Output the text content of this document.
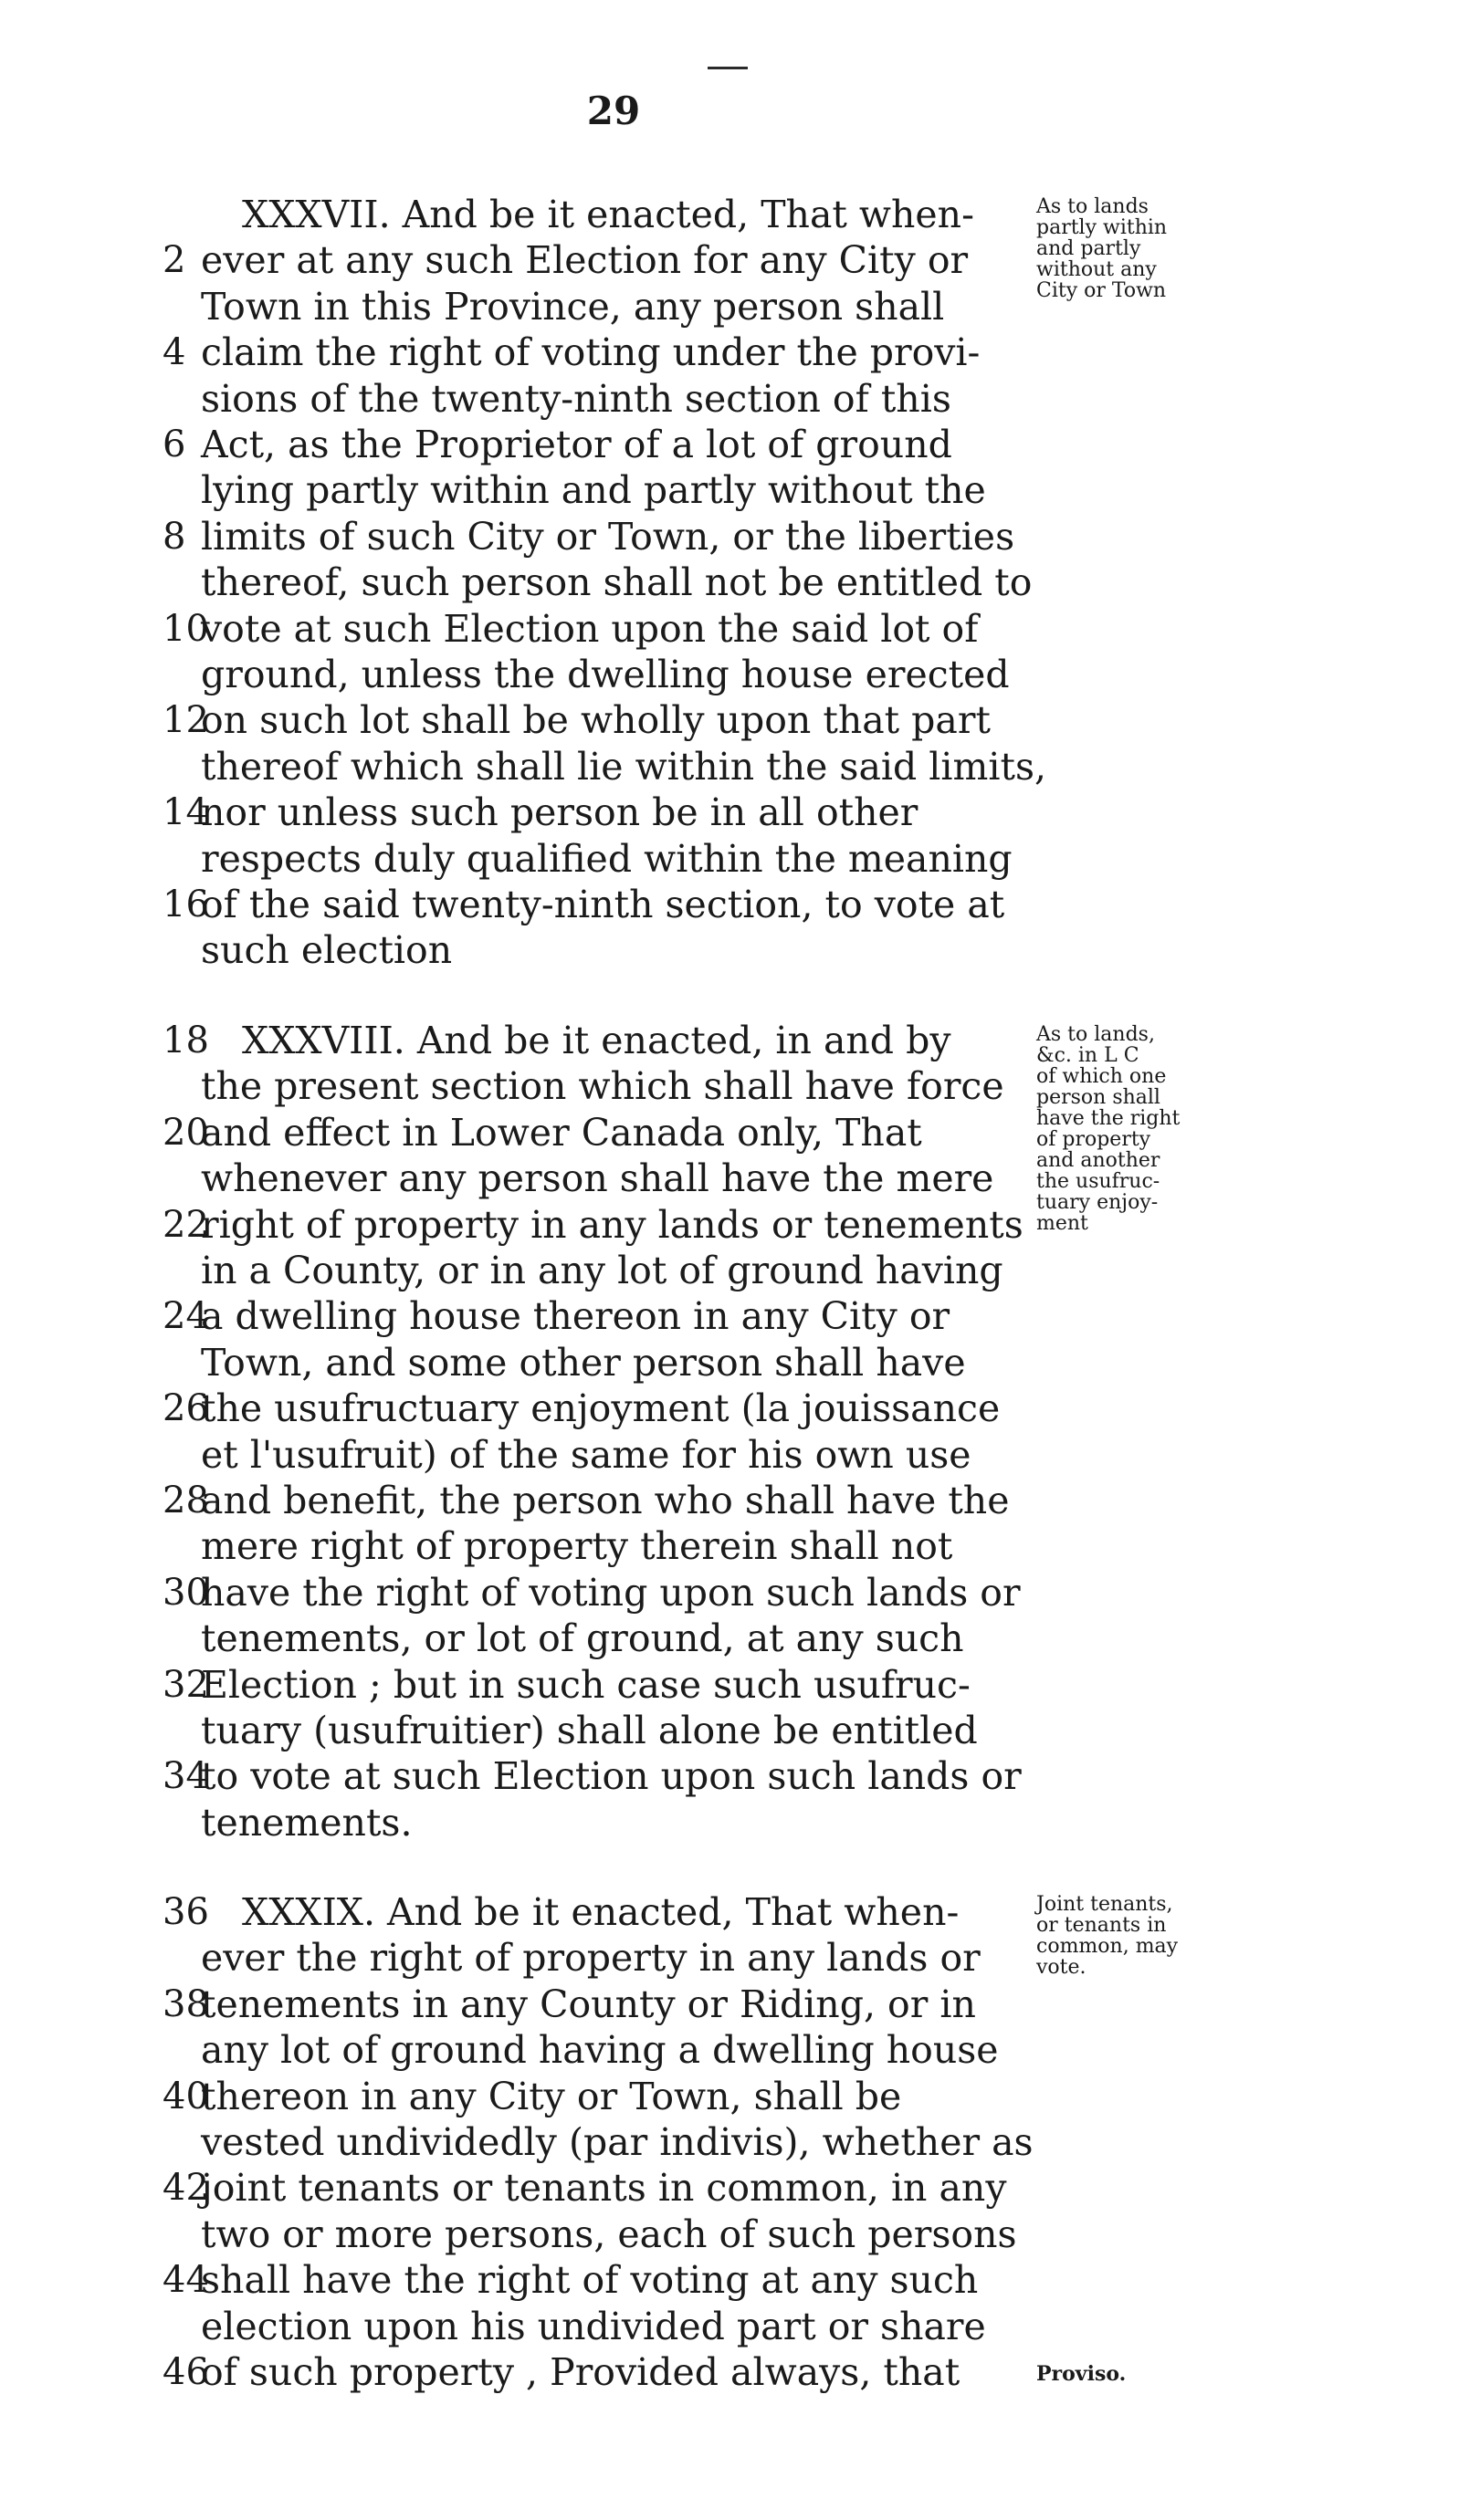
29
XXXVII. And be it enacted, That when-
2 ever at any such Election for any City or
Town in this Province, any person shall
4 claim the right of voting under the provi-
sions of the twenty-ninth section of this
6 Act, as the Proprietor of a lot of ground
lying partly within and partly without the
8 limits of such City or Town, or the liberties
thereof, such person shall not be entitled to
10
vote at such Election upon the said lot of
ground, unless the dwelling house erected
12
on such lot shall be wholly upon that part
thereof which shall lie within the said limits,
14
nor unless such person be in all other
respects duly qualified within the meaning
16
of the said twenty-ninth section, to vote at
such election
As to lands
partly within
and partly
without any
City or Town
18 XXXVIII. And be it enacted, in and by
the present section which shall have force
20
and effect in Lower Canada only, That
whenever any person shall have the mere
22
right of property in any lands or tenements
in a County, or in any lot of ground having
24
a dwelling house thereon in any City or
Town, and some other person shall have
26
the usufructuary enjoyment (la jouissance
et l'usufruit) of the same for his own use
28
and benefit, the person who shall have the
mere right of property therein shall not
30
have the right of voting upon such lands or
tenements, or lot of ground, at any such
32
Election ; but in such case such usufruc-
tuary (usufruitier) shall alone be entitled
34
to vote at such Election upon such lands or
tenements.
As to lands,
&c. in L C
of which one
person shall
have the right
of property
and another
the usufruc-
tuary enjoy-
ment
36 XXXIX. And be it enacted, That when-
ever the right of property in any lands or
38
tenements in any County or Riding, or in
any lot of ground having a dwelling house
40
thereon in any City or Town, shall be
vested undividedly (par indivis), whether as
42
joint tenants or tenants in common, in any
two or more persons, each of such persons
44
shall have the right of voting at any such
election upon his undivided part or share
46
of such property , Provided always, that
Joint tenants,
or tenants in
common, may
vote.
Proviso.
